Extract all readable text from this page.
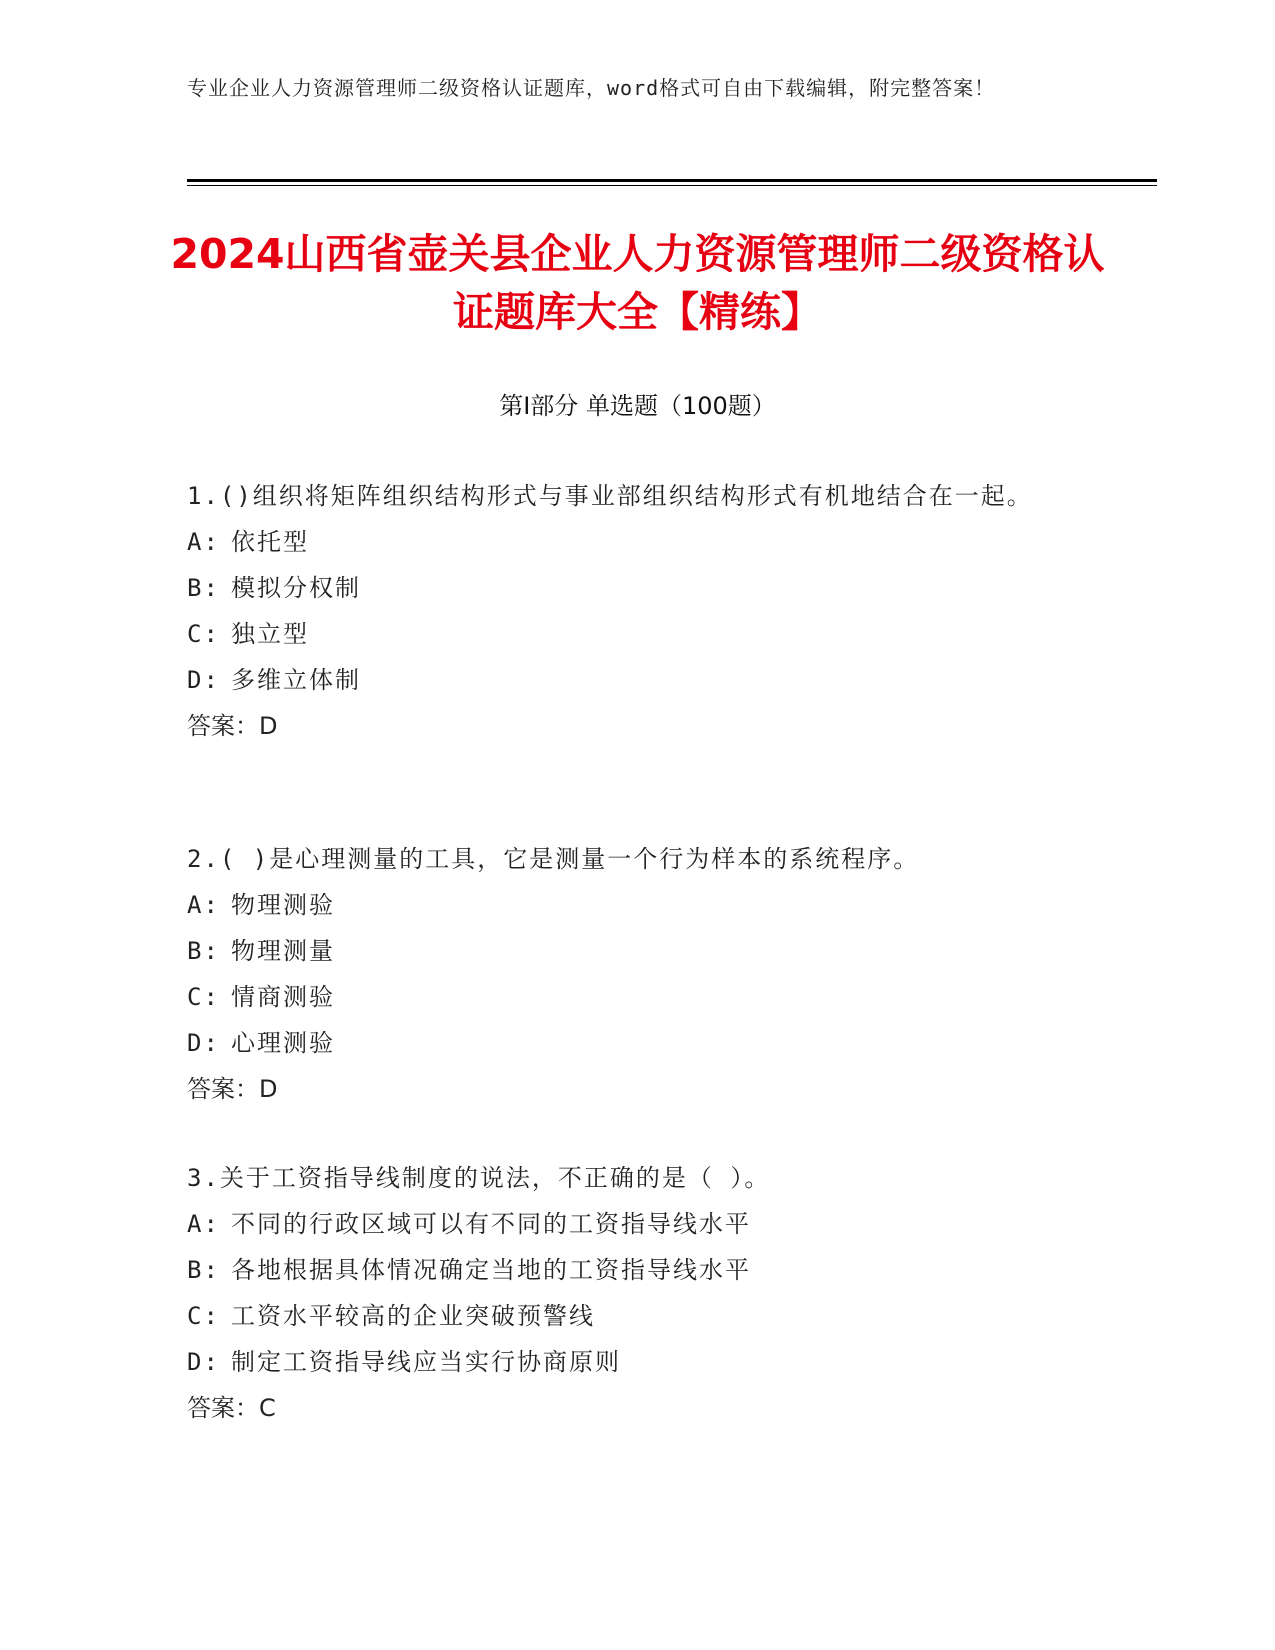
专业企业人力资源管理师二级资格认证题库，word格式可自由下载编辑，附完整答案！
2024山西省壶关县企业人力资源管理师二级资格认证题库大全【精练】
第I部分 单选题（100题）
1.()组织将矩阵组织结构形式与事业部组织结构形式有机地结合在一起。
A: 依托型
B: 模拟分权制
C: 独立型
D: 多维立体制
答案：D
2.( )是心理测量的工具，它是测量一个行为样本的系统程序。
A: 物理测验
B: 物理测量
C: 情商测验
D: 心理测验
答案：D
3.关于工资指导线制度的说法，不正确的是（ ）。
A: 不同的行政区域可以有不同的工资指导线水平
B: 各地根据具体情况确定当地的工资指导线水平
C: 工资水平较高的企业突破预警线
D: 制定工资指导线应当实行协商原则
答案：C
